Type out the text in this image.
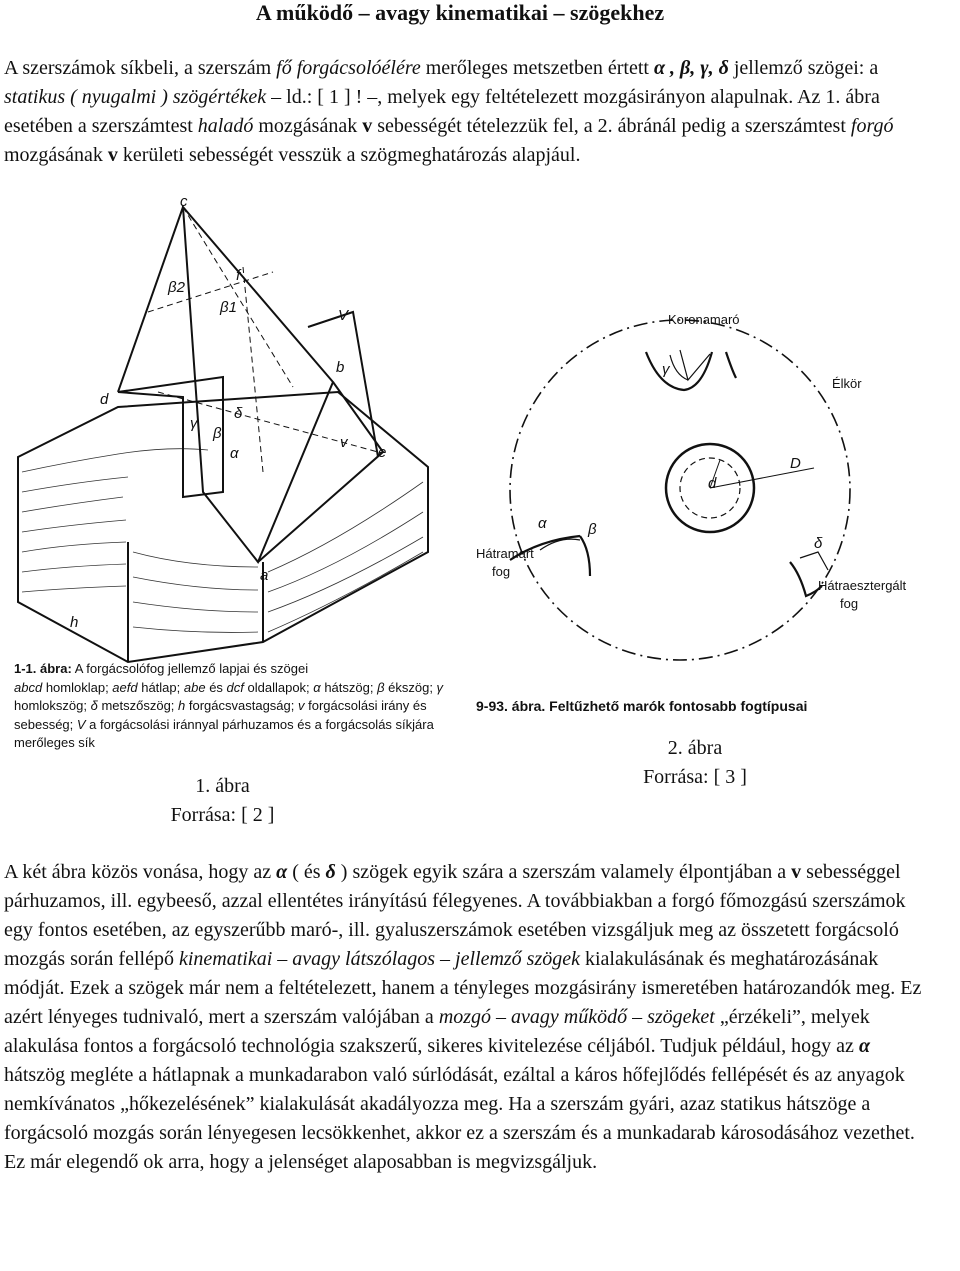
A működő – avagy kinematikai – szögekhez

A szerszámok síkbeli, a szerszám fő forgácsolóélére merőleges metszetben értett α , β, γ, δ jellemző szögei: a statikus ( nyugalmi ) szögértékek – ld.: [ 1 ] ! –, melyek egy feltételezett mozgásirányon alapulnak. Az 1. ábra esetében a szerszámtest haladó mozgásának v sebességét tételezzük fel, a 2. ábránál pedig a szerszámtest forgó mozgásának v kerületi sebességét vesszük a szögmeghatározás alapjául.

c
β2
f
β1	V
b
d
δ
γ
β
α
v
e
a
h
1-1. ábra: A forgácsolófog jellemző lapjai és szögei
abcd homloklap; aefd hátlap; abe és dcf oldallapok; α hátszög; β ékszög; γ homlokszög; δ metszőszög; h forgácsvastagság; v forgácsolási irány és sebesség; V a forgácsolási iránnyal párhuzamos és a forgácsolás síkjára merőleges sík
Koronamaró
Élkör
D
d
Hátramart
fog
Hátraesztergált
fog
α	β
γ
δ
9-93. ábra. Feltűzhető marók fontosabb fogtípusai
1. ábra
Forrása: [ 2 ]
2. ábra
Forrása: [ 3 ]

A két ábra közös vonása, hogy az α ( és δ ) szögek egyik szára a szerszám valamely élpontjában a v sebességgel párhuzamos, ill. egybeeső, azzal ellentétes irányítású félegyenes. A továbbiakban a forgó főmozgású szerszámok egy fontos esetében, az egyszerűbb maró-, ill. gyaluszerszámok esetében vizsgáljuk meg az összetett forgácsoló mozgás során fellépő kinematikai – avagy látszólagos – jellemző szögek kialakulásának és meghatározásának módját. Ezek a szögek már nem a feltételezett, hanem a tényleges mozgásirány ismeretében határozandók meg. Ez azért lényeges tudnivaló, mert a szerszám valójában a mozgó – avagy működő – szögeket „érzékeli”, melyek alakulása fontos a forgácsoló technológia szakszerű, sikeres kivitelezése céljából. Tudjuk például, hogy az α hátszög megléte a hátlapnak a munkadarabon való súrlódását, ezáltal a káros hőfejlődés fellépését és az anyagok nemkívánatos „hőkezelésének” kialakulását akadályozza meg. Ha a szerszám gyári, azaz statikus hátszöge a forgácsoló mozgás során lényegesen lecsökkenhet, akkor ez a szerszám és a munkadarab károsodásához vezethet. Ez már elegendő ok arra, hogy a jelenséget alaposabban is megvizsgáljuk.
